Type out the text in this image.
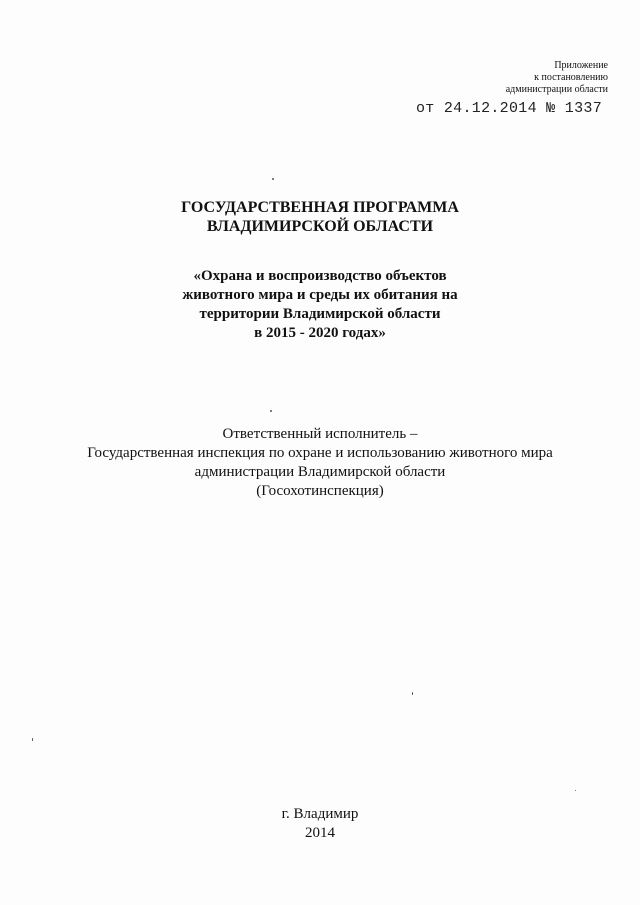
Приложение
к постановлению
администрации области
от 24.12.2014 № 1337
ГОСУДАРСТВЕННАЯ ПРОГРАММА
ВЛАДИМИРСКОЙ ОБЛАСТИ
«Охрана и воспроизводство объектов
животного мира и среды их обитания на
территории Владимирской области
в 2015 - 2020 годах»
Ответственный исполнитель –
Государственная инспекция по охране и использованию животного мира
администрации Владимирской области
(Госохотинспекция)
г. Владимир
2014
